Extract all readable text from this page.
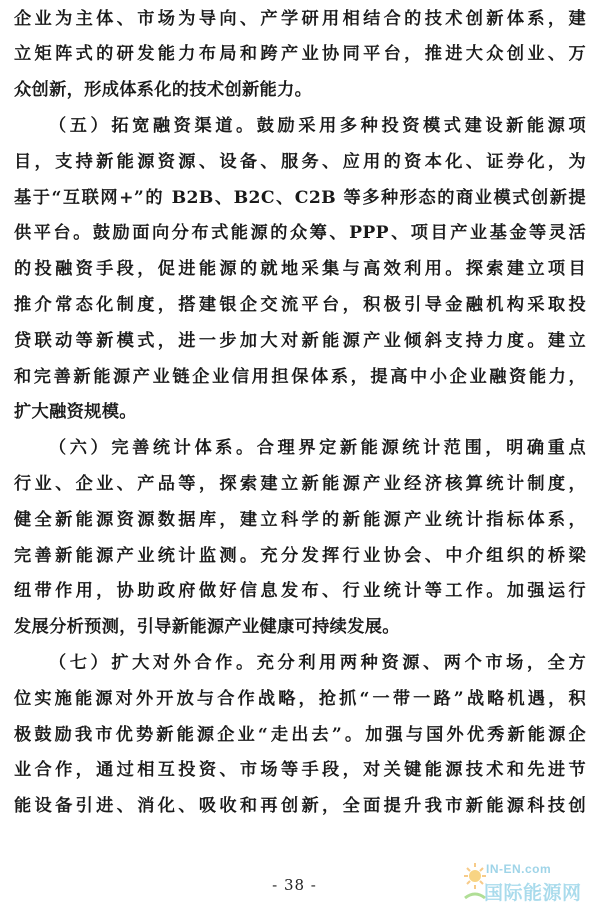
企业为主体、市场为导向、产学研用相结合的技术创新体系，建
立矩阵式的研发能力布局和跨产业协同平台，推进大众创业、万
众创新，形成体系化的技术创新能力。
（五）拓宽融资渠道。鼓励采用多种投资模式建设新能源项
目，支持新能源资源、设备、服务、应用的资本化、证券化，为
基于“互联网+”的 B2B、B2C、C2B 等多种形态的商业模式创新提
供平台。鼓励面向分布式能源的众筹、PPP、项目产业基金等灵活
的投融资手段，促进能源的就地采集与高效利用。探索建立项目
推介常态化制度，搭建银企交流平台，积极引导金融机构采取投
贷联动等新模式，进一步加大对新能源产业倾斜支持力度。建立
和完善新能源产业链企业信用担保体系，提高中小企业融资能力，
扩大融资规模。
（六）完善统计体系。合理界定新能源统计范围，明确重点
行业、企业、产品等，探索建立新能源产业经济核算统计制度，
健全新能源资源数据库，建立科学的新能源产业统计指标体系，
完善新能源产业统计监测。充分发挥行业协会、中介组织的桥梁
纽带作用，协助政府做好信息发布、行业统计等工作。加强运行
发展分析预测，引导新能源产业健康可持续发展。
（七）扩大对外合作。充分利用两种资源、两个市场，全方
位实施能源对外开放与合作战略，抢抓“一带一路”战略机遇，积
极鼓励我市优势新能源企业“走出去”。加强与国外优秀新能源企
业合作，通过相互投资、市场等手段，对关键能源技术和先进节
能设备引进、消化、吸收和再创新，全面提升我市新能源科技创
- 38 -
IN-EN.com
国际能源网
